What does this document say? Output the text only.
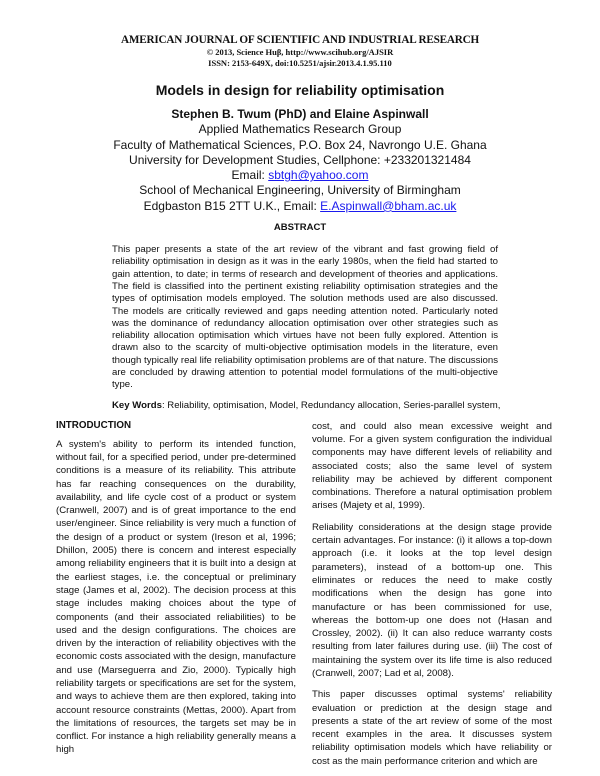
AMERICAN JOURNAL OF SCIENTIFIC AND INDUSTRIAL RESEARCH
© 2013, Science Huβ, http://www.scihub.org/AJSIR
ISSN: 2153-649X, doi:10.5251/ajsir.2013.4.1.95.110
Models in design for reliability optimisation
Stephen B. Twum (PhD) and Elaine Aspinwall
Applied Mathematics Research Group
Faculty of Mathematical Sciences, P.O. Box 24, Navrongo U.E. Ghana
University for Development Studies, Cellphone: +233201321484
Email: sbtgh@yahoo.com
School of Mechanical Engineering, University of Birmingham
Edgbaston B15 2TT U.K., Email: E.Aspinwall@bham.ac.uk
ABSTRACT
This paper presents a state of the art review of the vibrant and fast growing field of reliability optimisation in design as it was in the early 1980s, when the field had started to gain attention, to date; in terms of research and development of theories and applications. The field is classified into the pertinent existing reliability optimisation strategies and the types of optimisation models employed. The solution methods used are also discussed. The models are critically reviewed and gaps needing attention noted. Particularly noted was the dominance of redundancy allocation optimisation over other strategies such as reliability allocation optimisation which virtues have not been fully explored. Attention is drawn also to the scarcity of multi-objective optimisation models in the literature, even though typically real life reliability optimisation problems are of that nature. The discussions are concluded by drawing attention to potential model formulations of the multi-objective type.
Key Words: Reliability, optimisation, Model, Redundancy allocation, Series-parallel system,
INTRODUCTION

A system's ability to perform its intended function, without fail, for a specified period, under pre-determined conditions is a measure of its reliability. This attribute has far reaching consequences on the durability, availability, and life cycle cost of a product or system (Cranwell, 2007) and is of great importance to the end user/engineer. Since reliability is very much a function of the design of a product or system (Ireson et al, 1996; Dhillon, 2005) there is concern and interest especially among reliability engineers that it is built into a design at the earliest stages, i.e. the conceptual or preliminary stage (James et al, 2002). The decision process at this stage includes making choices about the type of components (and their associated reliabilities) to be used and the design configurations. The choices are driven by the interaction of reliability objectives with the economic costs associated with the design, manufacture and use (Marseguerra and Zio, 2000). Typically high reliability targets or specifications are set for the system, and ways to achieve them are then explored, taking into account resource constraints (Mettas, 2000). Apart from the limitations of resources, the targets set may be in conflict. For instance a high reliability generally means a high

cost, and could also mean excessive weight and volume. For a given system configuration the individual components may have different levels of reliability and associated costs; also the same level of system reliability may be achieved by different component combinations. Therefore a natural optimisation problem arises (Majety et al, 1999).

Reliability considerations at the design stage provide certain advantages. For instance: (i) it allows a top-down approach (i.e. it looks at the top level design parameters), instead of a bottom-up one. This eliminates or reduces the need to make costly modifications when the design has gone into manufacture or has been commissioned for use, whereas the bottom-up one does not (Hasan and Crossley, 2002). (ii) It can also reduce warranty costs resulting from later failures during use. (iii) The cost of maintaining the system over its life time is also reduced (Cranwell, 2007; Lad et al, 2008).

This paper discusses optimal systems' reliability evaluation or prediction at the design stage and presents a state of the art review of some of the most recent examples in the area. It discusses system reliability optimisation models which have reliability or cost as the main performance criterion and which are
